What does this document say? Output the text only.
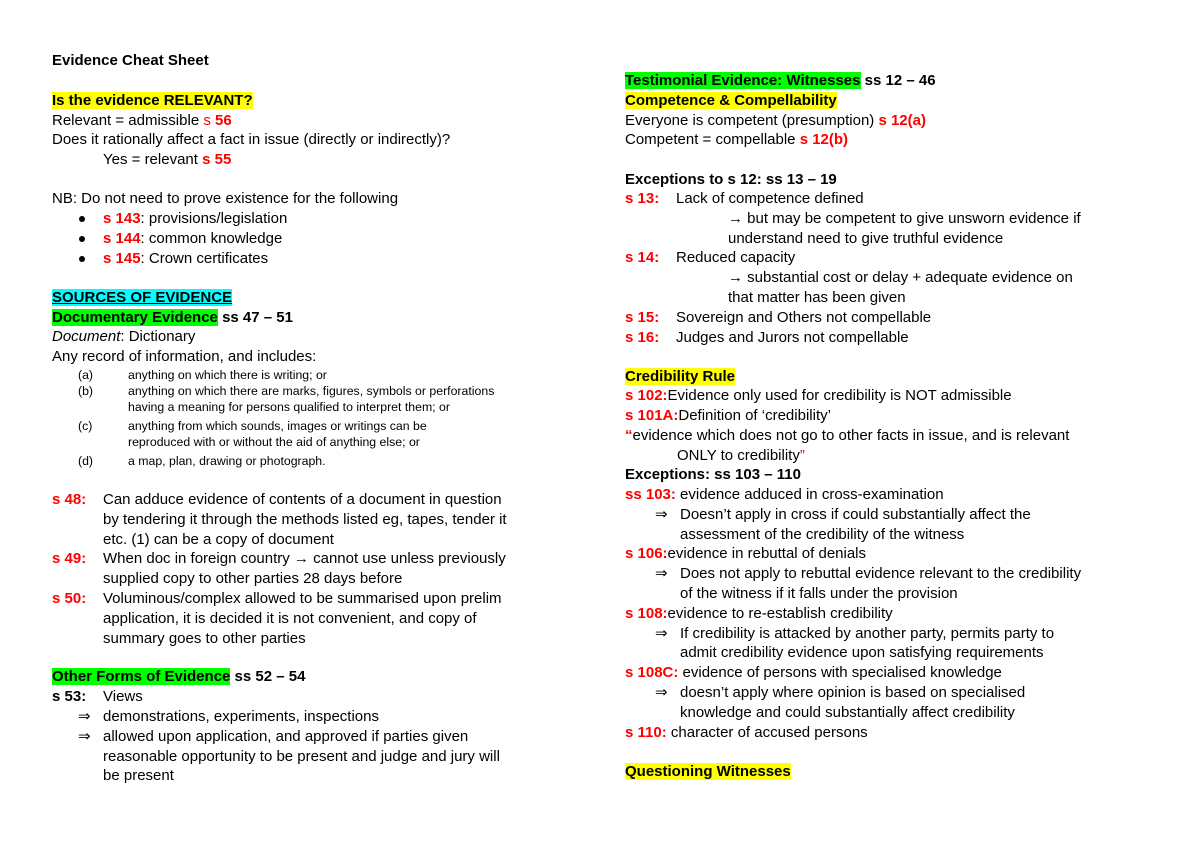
Evidence Cheat Sheet
Is the evidence RELEVANT?
Relevant = admissible s 56
Does it rationally affect a fact in issue (directly or indirectly)?
Yes = relevant s 55
NB: Do not need to prove existence for the following
s 143: provisions/legislation
s 144: common knowledge
s 145: Crown certificates
SOURCES OF EVIDENCE
Documentary Evidence ss 47 – 51
Document: Dictionary
Any record of information, and includes:
(a)	anything on which there is writing; or
(b)	anything on which there are marks, figures, symbols or perforations
having a meaning for persons qualified to interpret them; or
(c)	anything from which sounds, images or writings can be
reproduced with or without the aid of anything else; or
(d)	a map, plan, drawing or photograph.
s 48: Can adduce evidence of contents of a document in question
by tendering it through the methods listed eg, tapes, tender it
etc. (1) can be a copy of document
s 49: When doc in foreign country → cannot use unless previously
supplied copy to other parties 28 days before
s 50: Voluminous/complex allowed to be summarised upon prelim
application, it is decided it is not convenient, and copy of
summary goes to other parties
Other Forms of Evidence ss 52 – 54
s 53: Views
⇒ demonstrations, experiments, inspections
⇒ allowed upon application, and approved if parties given
reasonable opportunity to be present and judge and jury will
be present
Testimonial Evidence: Witnesses ss 12 – 46
Competence & Compellability
Everyone is competent (presumption) s 12(a)
Competent = compellable s 12(b)
Exceptions to s 12: ss 13 – 19
s 13: Lack of competence defined
→ but may be competent to give unsworn evidence if
understand need to give truthful evidence
s 14: Reduced capacity
→ substantial cost or delay + adequate evidence on
that matter has been given
s 15: Sovereign and Others not compellable
s 16: Judges and Jurors not compellable
Credibility Rule
s 102:Evidence only used for credibility is NOT admissible
s 101A:Definition of ‘credibility’
“evidence which does not go to other facts in issue, and is relevant
ONLY to credibility”
Exceptions: ss 103 – 110
ss 103: evidence adduced in cross-examination
⇒ Doesn’t apply in cross if could substantially affect the
assessment of the credibility of the witness
s 106:evidence in rebuttal of denials
⇒ Does not apply to rebuttal evidence relevant to the credibility
of the witness if it falls under the provision
s 108:evidence to re-establish credibility
⇒ If credibility is attacked by another party, permits party to
admit credibility evidence upon satisfying requirements
s 108C: evidence of persons with specialised knowledge
⇒ doesn’t apply where opinion is based on specialised
knowledge and could substantially affect credibility
s 110: character of accused persons
Questioning Witnesses
